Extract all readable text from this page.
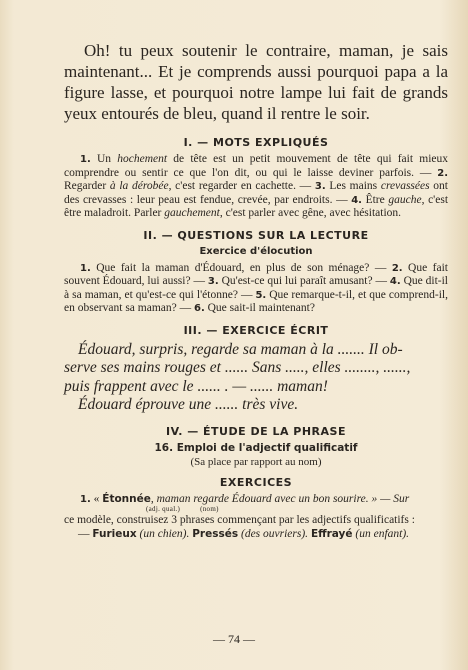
Oh! tu peux soutenir le contraire, maman, je sais maintenant... Et je comprends aussi pourquoi papa a la figure lasse, et pourquoi notre lampe lui fait de grands yeux entourés de bleu, quand il rentre le soir.

I. — MOTS EXPLIQUÉS

1. Un hochement de tête est un petit mouvement de tête qui fait mieux comprendre ou sentir ce que l'on dit, ou qui le laisse deviner parfois. — 2. Regarder à la dérobée, c'est regarder en cachette. — 3. Les mains crevassées ont des crevasses : leur peau est fendue, crevée, par endroits. — 4. Être gauche, c'est être maladroit. Parler gauchement, c'est parler avec gêne, avec hésitation.

II. — QUESTIONS SUR LA LECTURE

Exercice d'élocution

1. Que fait la maman d'Édouard, en plus de son ménage? — 2. Que fait souvent Édouard, lui aussi? — 3. Qu'est-ce qui lui paraît amusant? — 4. Que dit-il à sa maman, et qu'est-ce qui l'étonne? — 5. Que remarque-t-il, et que comprend-il, en observant sa maman? — 6. Que sait-il maintenant?

III. — EXERCICE ÉCRIT

Édouard, surpris, regarde sa maman à la ....... Il ob-
serve ses mains rouges et ...... Sans ....., elles ........, ......,
puis frappent avec le ...... . — ...... maman!
Édouard éprouve une ...... très vive.

IV. — ÉTUDE DE LA PHRASE

16. Emploi de l'adjectif qualificatif

(Sa place par rapport au nom)

EXERCICES

1. « Étonnée, maman regarde Édouard avec un bon sourire. » — Sur

(adj. qual.)	(nom)

ce modèle, construisez 3 phrases commençant par les adjectifs qualificatifs :

— Furieux (un chien). Pressés (des ouvriers). Effrayé (un enfant).

— 74 —
